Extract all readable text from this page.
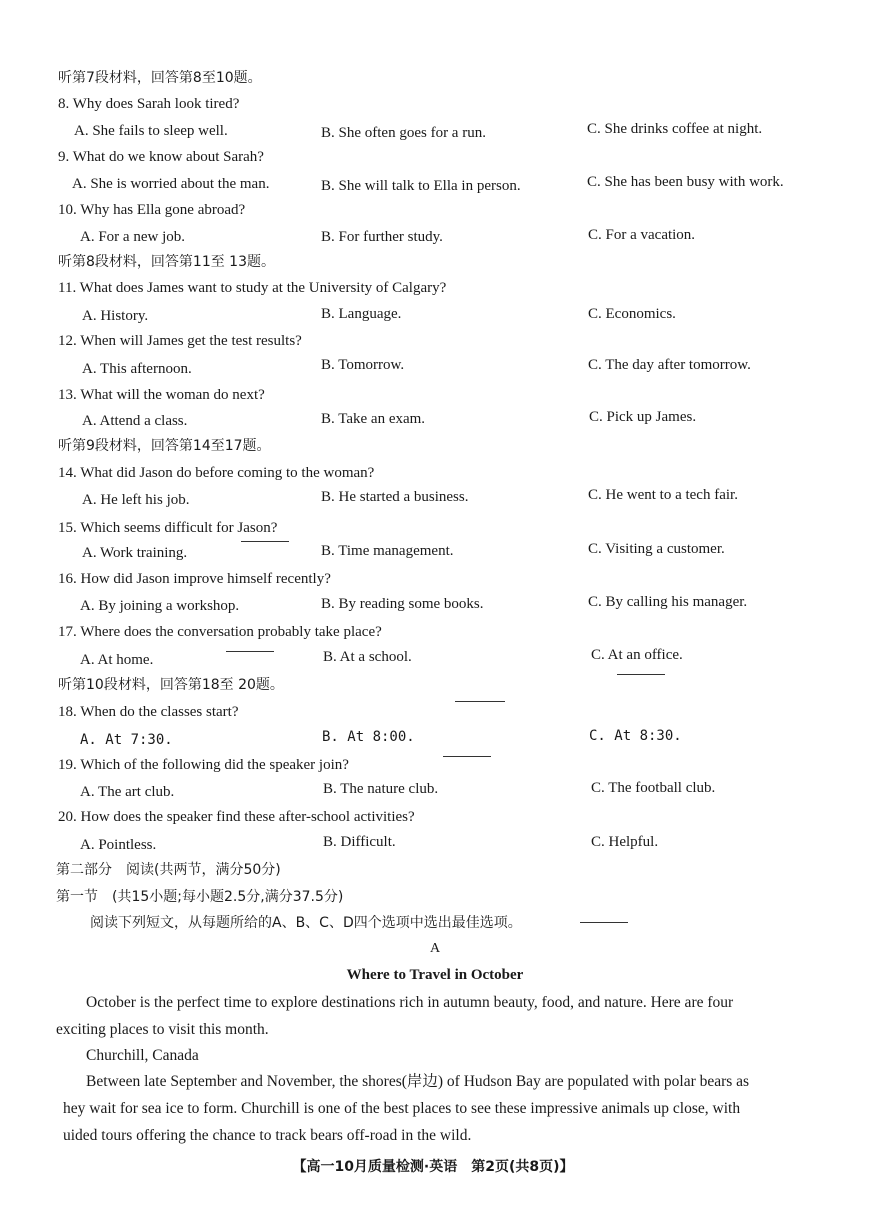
听第7段材料，回答第8至10题。
8. Why does Sarah look tired?
A. She fails to sleep well.	B. She often goes for a run.	C. She drinks coffee at night.
9. What do we know about Sarah?
A. She is worried about the man.	B. She will talk to Ella in person.	C. She has been busy with work.
10. Why has Ella gone abroad?
A. For a new job.	B. For further study.	C. For a vacation.
听第8段材料，回答第11至 13题。
11. What does James want to study at the University of Calgary?
A. History.	B. Language.	C. Economics.
12. When will James get the test results?
A. This afternoon.	B. Tomorrow.	C. The day after tomorrow.
13. What will the woman do next?
A. Attend a class.	B. Take an exam.	C. Pick up James.
听第9段材料，回答第14至17题。
14. What did Jason do before coming to the woman?
A. He left his job.	B. He started a business.	C. He went to a tech fair.
15. Which seems difficult for Jason?
A. Work training.	B. Time management.	C. Visiting a customer.
16. How did Jason improve himself recently?
A. By joining a workshop.	B. By reading some books.	C. By calling his manager.
17. Where does the conversation probably take place?
A. At home.	B. At a school.	C. At an office.
听第10段材料，回答第18至 20题。
18. When do the classes start?
A. At 7:30.	B. At 8:00.	C. At 8:30.
19. Which of the following did the speaker join?
A. The art club.	B. The nature club.	C. The football club.
20. How does the speaker find these after-school activities?
A. Pointless.	B. Difficult.	C. Helpful.
第二部分　阅读(共两节，满分50分)
第一节　(共15小题;每小题2.5分,满分37.5分)
阅读下列短文，从每题所给的A、B、C、D四个选项中选出最佳选项。
A
Where to Travel in October
October is the perfect time to explore destinations rich in autumn beauty, food, and nature. Here are four
exciting places to visit this month.
Churchill, Canada
Between late September and November, the shores(岸边) of Hudson Bay are populated with polar bears as
hey wait for sea ice to form. Churchill is one of the best places to see these impressive animals up close, with
uided tours offering the chance to track bears off-road in the wild.
【高一10月质量检测·英语　第2页(共8页)】
